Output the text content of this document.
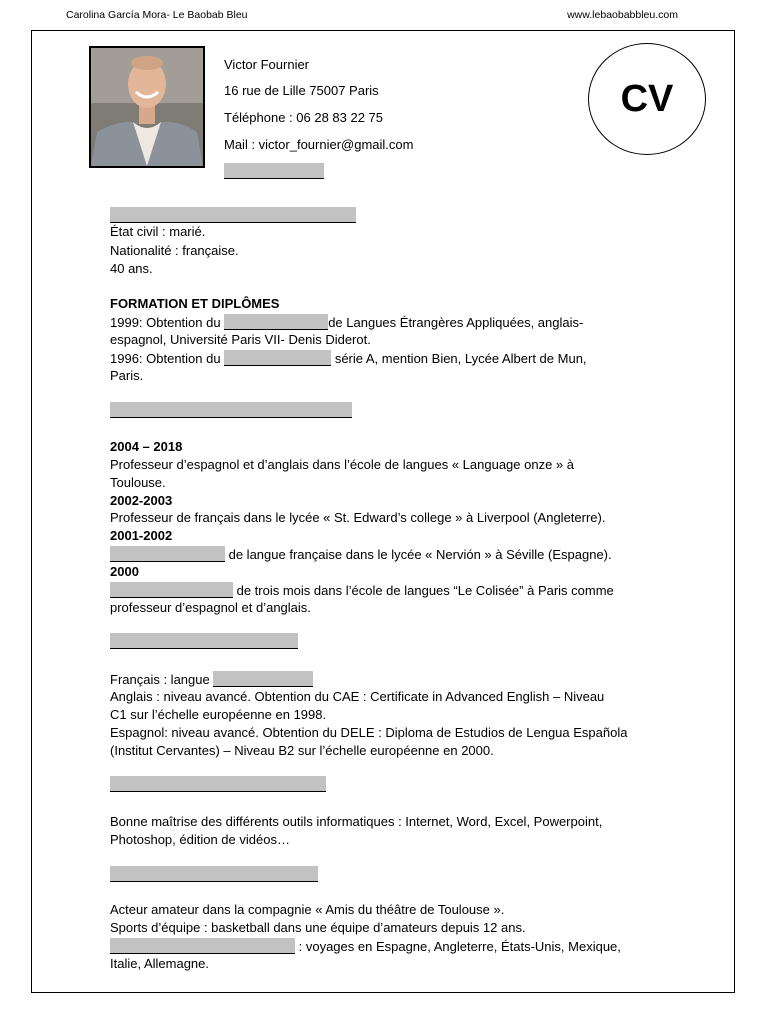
Carolina García Mora- Le Baobab Bleu	www.lebaobabbleu.com
Victor Fournier
16 rue de Lille 75007 Paris
Téléphone : 06 28 83 22 75
Mail : victor_fournier@gmail.com
CV
État civil : marié.
Nationalité : française.
40 ans.
FORMATION ET DIPLÔMES
1999: Obtention du	de Langues Étrangères Appliquées, anglais-
espagnol, Université Paris VII- Denis Diderot.
1996: Obtention du	série A, mention Bien, Lycée Albert de Mun,
Paris.
2004 – 2018
Professeur d’espagnol et d’anglais dans l’école de langues « Language onze » à
Toulouse.
2002-2003
Professeur de français dans le lycée « St. Edward’s college » à Liverpool (Angleterre).
2001-2002
de langue française dans le lycée « Nervión » à Séville (Espagne).
2000
de trois mois dans l’école de langues “Le Colisée” à Paris comme
professeur d’espagnol et d’anglais.
Français : langue
Anglais : niveau avancé. Obtention du CAE : Certificate in Advanced English – Niveau
C1 sur l’échelle européenne en 1998.
Espagnol: niveau avancé. Obtention du DELE : Diploma de Estudios de Lengua Española
(Institut Cervantes) – Niveau B2 sur l’échelle européenne en 2000.
Bonne maîtrise des différents outils informatiques : Internet, Word, Excel, Powerpoint,
Photoshop, édition de vidéos…
Acteur amateur dans la compagnie « Amis du théâtre de Toulouse ».
Sports d’équipe : basketball dans une équipe d’amateurs depuis 12 ans.
: voyages en Espagne, Angleterre, États-Unis, Mexique,
Italie, Allemagne.
